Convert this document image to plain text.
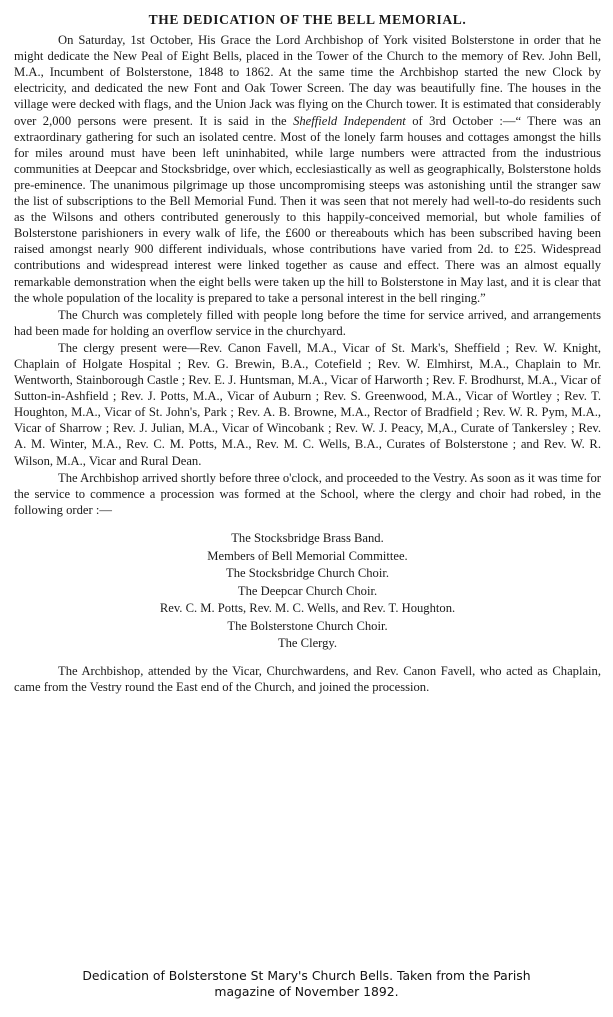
THE DEDICATION OF THE BELL MEMORIAL.

On Saturday, 1st October, His Grace the Lord Archbishop of York visited Bolsterstone in order that he might dedicate the New Peal of Eight Bells, placed in the Tower of the Church to the memory of Rev. John Bell, M.A., Incumbent of Bolsterstone, 1848 to 1862. At the same time the Archbishop started the new Clock by electricity, and dedicated the new Font and Oak Tower Screen. The day was beautifully fine. The houses in the village were decked with flags, and the Union Jack was flying on the Church tower. It is estimated that considerably over 2,000 persons were present. It is said in the Sheffield Independent of 3rd October :—“ There was an extraordinary gathering for such an isolated centre. Most of the lonely farm houses and cottages amongst the hills for miles around must have been left uninhabited, while large numbers were attracted from the industrious communities at Deepcar and Stocksbridge, over which, ecclesiastically as well as geographically, Bolsterstone holds pre-eminence. The unanimous pilgrimage up those uncompromising steeps was astonishing until the stranger saw the list of subscriptions to the Bell Memorial Fund. Then it was seen that not merely had well-to-do residents such as the Wilsons and others contributed generously to this happily-conceived memorial, but whole families of Bolsterstone parishioners in every walk of life, the £600 or thereabouts which has been subscribed having been raised amongst nearly 900 different individuals, whose contributions have varied from 2d. to £25. Widespread contributions and widespread interest were linked together as cause and effect. There was an almost equally remarkable demonstration when the eight bells were taken up the hill to Bolsterstone in May last, and it is clear that the whole population of the locality is prepared to take a personal interest in the bell ringing.”

The Church was completely filled with people long before the time for service arrived, and arrangements had been made for holding an overflow service in the churchyard.

The clergy present were—Rev. Canon Favell, M.A., Vicar of St. Mark's, Sheffield ; Rev. W. Knight, Chaplain of Holgate Hospital ; Rev. G. Brewin, B.A., Cotefield ; Rev. W. Elmhirst, M.A., Chaplain to Mr. Wentworth, Stainborough Castle ; Rev. E. J. Huntsman, M.A., Vicar of Harworth ; Rev. F. Brodhurst, M.A., Vicar of Sutton-in-Ashfield ; Rev. J. Potts, M.A., Vicar of Auburn ; Rev. S. Greenwood, M.A., Vicar of Wortley ; Rev. T. Houghton, M.A., Vicar of St. John's, Park ; Rev. A. B. Browne, M.A., Rector of Bradfield ; Rev. W. R. Pym, M.A., Vicar of Sharrow ; Rev. J. Julian, M.A., Vicar of Wincobank ; Rev. W. J. Peacy, M,A., Curate of Tankersley ; Rev. A. M. Winter, M.A., Rev. C. M. Potts, M.A., Rev. M. C. Wells, B.A., Curates of Bolsterstone ; and Rev. W. R. Wilson, M.A., Vicar and Rural Dean.

The Archbishop arrived shortly before three o'clock, and proceeded to the Vestry. As soon as it was time for the service to commence a procession was formed at the School, where the clergy and choir had robed, in the following order :—

The Stocksbridge Brass Band.
Members of Bell Memorial Committee.
The Stocksbridge Church Choir.
The Deepcar Church Choir.
Rev. C. M. Potts, Rev. M. C. Wells, and Rev. T. Houghton.
The Bolsterstone Church Choir.
The Clergy.

The Archbishop, attended by the Vicar, Churchwardens, and Rev. Canon Favell, who acted as Chaplain, came from the Vestry round the East end of the Church, and joined the procession.

Dedication of Bolsterstone St Mary's Church Bells. Taken from the Parish
magazine of November 1892.
